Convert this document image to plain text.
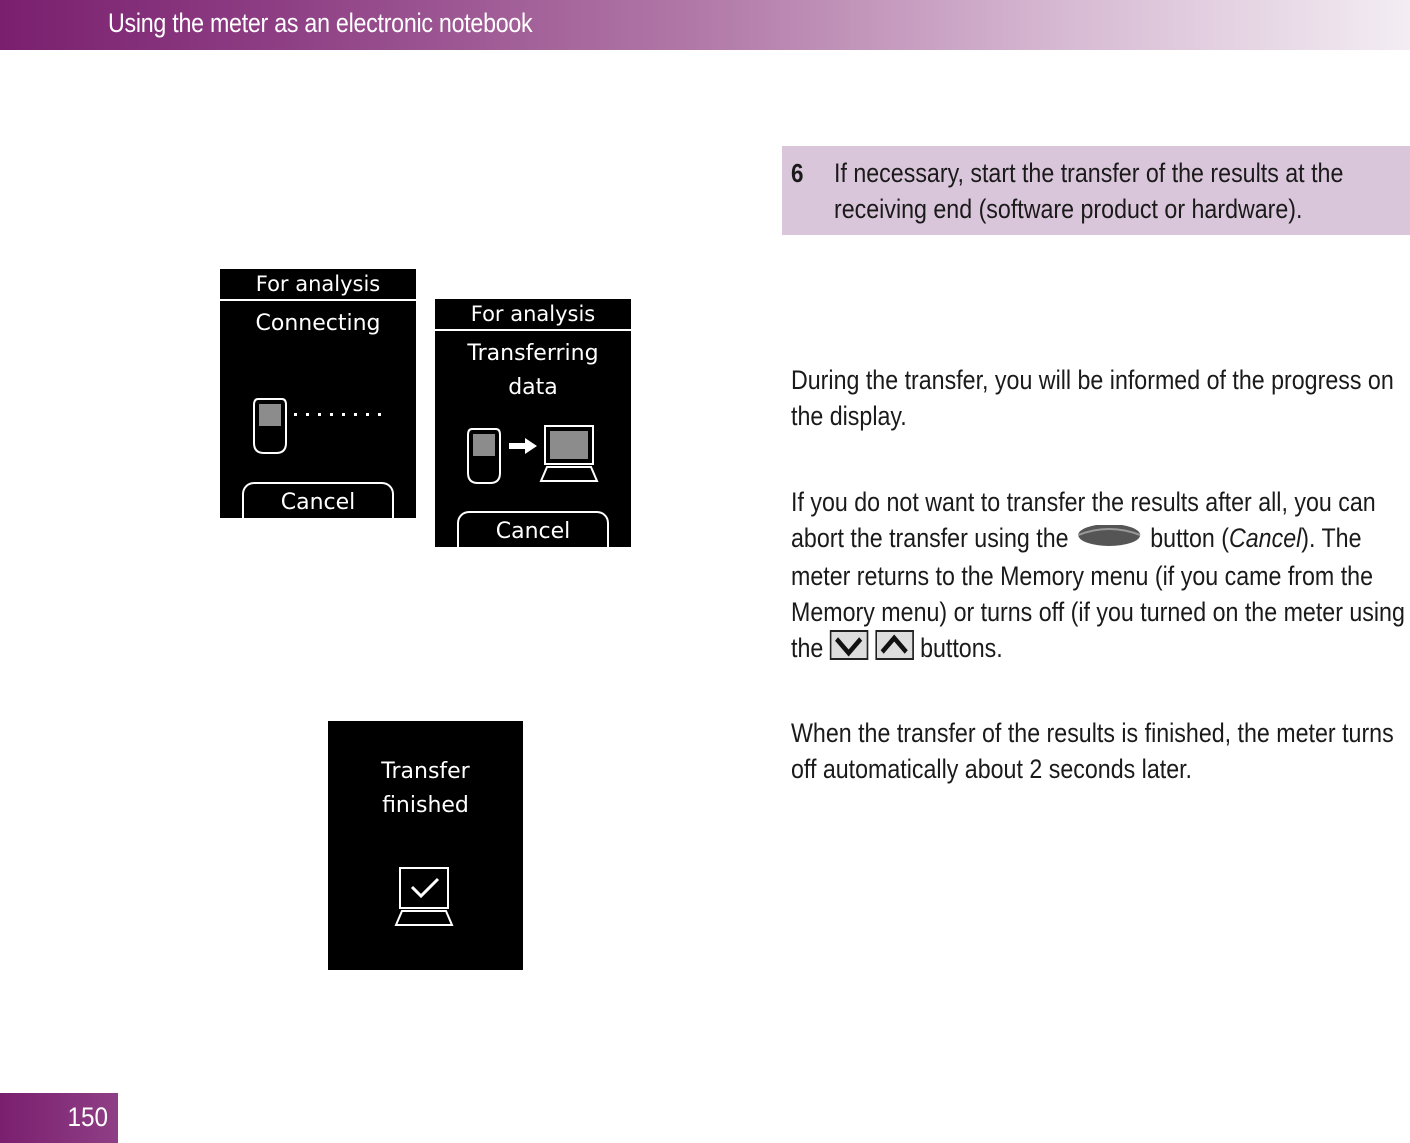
Using the meter as an electronic notebook
For analysis
Connecting
Cancel
For analysis
Transferring
data
Cancel
Transfer
finished
6 If necessary, start the transfer of the results at the receiving end (software product or hardware).
During the transfer, you will be informed of the progress on the display.
If you do not want to transfer the results after all, you can abort the transfer using the	button (Cancel). The meter returns to the Memory menu (if you came from the Memory menu) or turns off (if you turned on the meter using the	buttons.
When the transfer of the results is finished, the meter turns off automatically about 2 seconds later.
150
